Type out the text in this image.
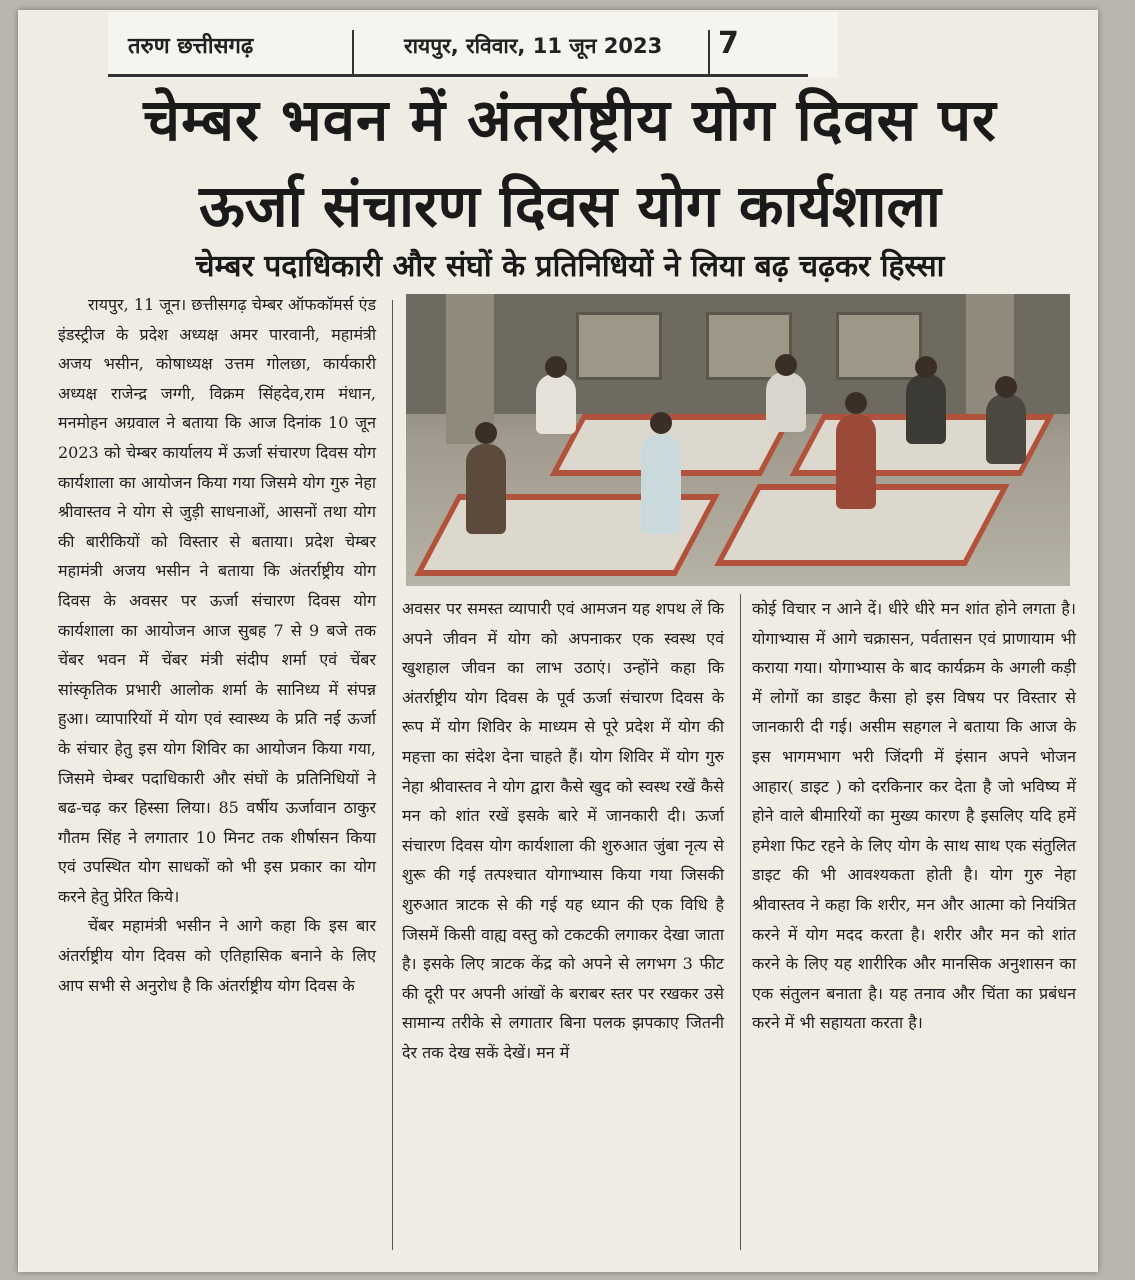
तरुण छत्तीसगढ़	रायपुर, रविवार, 11 जून 2023 7
चेम्बर भवन में अंतर्राष्ट्रीय योग दिवस पर
ऊर्जा संचारण दिवस योग कार्यशाला
चेम्बर पदाधिकारी और संघों के प्रतिनिधियों ने लिया बढ़ चढ़कर हिस्सा

रायपुर, 11 जून। छत्तीसगढ़ चेम्बर ऑफकॉमर्स एंड इंडस्ट्रीज के प्रदेश अध्यक्ष अमर पारवानी, महामंत्री अजय भसीन, कोषाध्यक्ष उत्तम गोलछा, कार्यकारी अध्यक्ष राजेन्द्र जग्गी, विक्रम सिंहदेव,राम मंधान, मनमोहन अग्रवाल ने बताया कि आज दिनांक 10 जून 2023 को चेम्बर कार्यालय में ऊर्जा संचारण दिवस योग कार्यशाला का आयोजन किया गया जिसमे योग गुरु नेहा श्रीवास्तव ने योग से जुड़ी साधनाओं, आसनों तथा योग की बारीकियों को विस्तार से बताया। प्रदेश चेम्बर महामंत्री अजय भसीन ने बताया कि अंतर्राष्ट्रीय योग दिवस के अवसर पर ऊर्जा संचारण दिवस योग कार्यशाला का आयोजन आज सुबह 7 से 9 बजे तक चेंबर भवन में चेंबर मंत्री संदीप शर्मा एवं चेंबर सांस्कृतिक प्रभारी आलोक शर्मा के सानिध्य में संपन्न हुआ। व्यापारियों में योग एवं स्वास्थ्य के प्रति नई ऊर्जा के संचार हेतु इस योग शिविर का आयोजन किया गया, जिसमे चेम्बर पदाधिकारी और संघों के प्रतिनिधियों ने बढ-चढ़ कर हिस्सा लिया। 85 वर्षीय ऊर्जावान ठाकुर गौतम सिंह ने लगातार 10 मिनट तक शीर्षासन किया एवं उपस्थित योग साधकों को भी इस प्रकार का योग करने हेतु प्रेरित किये।

चेंबर महामंत्री भसीन ने आगे कहा कि इस बार अंतर्राष्ट्रीय योग दिवस को एतिहासिक बनाने के लिए आप सभी से अनुरोध है कि अंतर्राष्ट्रीय योग दिवस के

अवसर पर समस्त व्यापारी एवं आमजन यह शपथ लें कि अपने जीवन में योग को अपनाकर एक स्वस्थ एवं खुशहाल जीवन का लाभ उठाएं। उन्होंने कहा कि अंतर्राष्ट्रीय योग दिवस के पूर्व ऊर्जा संचारण दिवस के रूप में योग शिविर के माध्यम से पूरे प्रदेश में योग की महत्ता का संदेश देना चाहते हैं। योग शिविर में योग गुरु नेहा श्रीवास्तव ने योग द्वारा कैसे खुद को स्वस्थ रखें कैसे मन को शांत रखें इसके बारे में जानकारी दी। ऊर्जा संचारण दिवस योग कार्यशाला की शुरुआत जुंबा नृत्य से शुरू की गई तत्पश्चात योगाभ्यास किया गया जिसकी शुरुआत त्राटक से की गई यह ध्यान की एक विधि है जिसमें किसी वाह्य वस्तु को टकटकी लगाकर देखा जाता है। इसके लिए त्राटक केंद्र को अपने से लगभग 3 फीट की दूरी पर अपनी आंखों के बराबर स्तर पर रखकर उसे सामान्य तरीके से लगातार बिना पलक झपकाए जितनी देर तक देख सकें देखें। मन में

कोई विचार न आने दें। धीरे धीरे मन शांत होने लगता है। योगाभ्यास में आगे चक्रासन, पर्वतासन एवं प्राणायाम भी कराया गया। योगाभ्यास के बाद कार्यक्रम के अगली कड़ी में लोगों का डाइट कैसा हो इस विषय पर विस्तार से जानकारी दी गई। असीम सहगल ने बताया कि आज के इस भागमभाग भरी जिंदगी में इंसान अपने भोजन आहार( डाइट ) को दरकिनार कर देता है जो भविष्य में होने वाले बीमारियों का मुख्य कारण है इसलिए यदि हमें हमेशा फिट रहने के लिए योग के साथ साथ एक संतुलित डाइट की भी आवश्यकता होती है। योग गुरु नेहा श्रीवास्तव ने कहा कि शरीर, मन और आत्मा को नियंत्रित करने में योग मदद करता है। शरीर और मन को शांत करने के लिए यह शारीरिक और मानसिक अनुशासन का एक संतुलन बनाता है। यह तनाव और चिंता का प्रबंधन करने में भी सहायता करता है।
